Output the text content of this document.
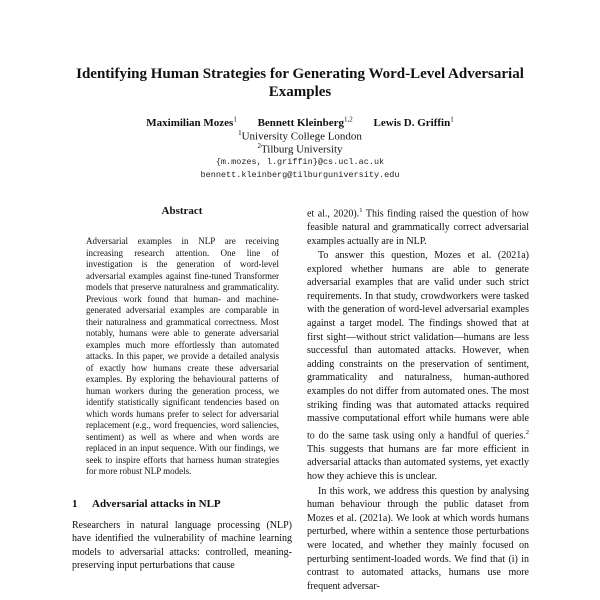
Identifying Human Strategies for Generating Word-Level Adversarial Examples
Maximilian Mozes$^1$ Bennett Kleinberg$^{1,2}$ Lewis D. Griffin$^1$
$^1$University College London
$^2$Tilburg University
{m.mozes, l.griffin}@cs.ucl.ac.uk
bennett.kleinberg@tilburguniversity.edu
Abstract

Adversarial examples in NLP are receiving increasing research attention. One line of investigation is the generation of word-level adversarial examples against fine-tuned Transformer models that preserve naturalness and grammaticality. Previous work found that human- and machine-generated adversarial examples are comparable in their naturalness and grammatical correctness. Most notably, humans were able to generate adversarial examples much more effortlessly than automated attacks. In this paper, we provide a detailed analysis of exactly how humans create these adversarial examples. By exploring the behavioural patterns of human workers during the generation process, we identify statistically significant tendencies based on which words humans prefer to select for adversarial replacement (e.g., word frequencies, word saliencies, sentiment) as well as where and when words are replaced in an input sequence. With our findings, we seek to inspire efforts that harness human strategies for more robust NLP models.

1 Adversarial attacks in NLP

Researchers in natural language processing (NLP) have identified the vulnerability of machine learning models to adversarial attacks: controlled, meaning-preserving input perturbations that cause

et al., 2020).$^1$ This finding raised the question of how feasible natural and grammatically correct adversarial examples actually are in NLP.

To answer this question, Mozes et al. (2021a) explored whether humans are able to generate adversarial examples that are valid under such strict requirements. In that study, crowdworkers were tasked with the generation of word-level adversarial examples against a target model. The findings showed that at first sight—without strict validation—humans are less successful than automated attacks. However, when adding constraints on the preservation of sentiment, grammaticality and naturalness, human-authored examples do not differ from automated ones. The most striking finding was that automated attacks required massive computational effort while humans were able to do the same task using only a handful of queries.$^2$ This suggests that humans are far more efficient in adversarial attacks than automated systems, yet exactly how they achieve this is unclear.

In this work, we address this question by analysing human behaviour through the public dataset from Mozes et al. (2021a). We look at which words humans perturbed, where within a sentence those perturbations were located, and whether they mainly focused on perturbing sentiment-loaded words. We find that (i) in contrast to automated attacks, humans use more frequent adversar-
